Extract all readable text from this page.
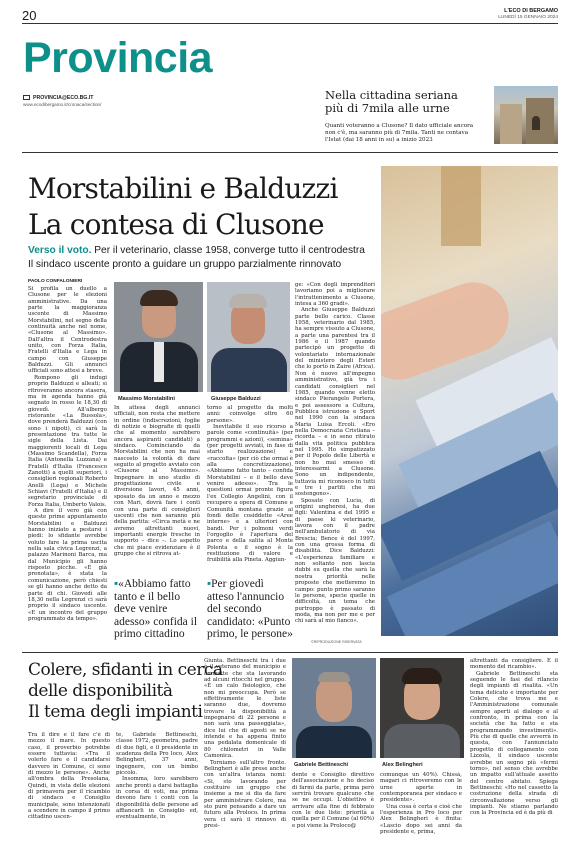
20	L'ECO DI BERGAMO
LUNEDÌ 15 GENNAIO 2024
Provincia
PROVINCIA@ECO.BG.IT
www.ecodibergamo.it/cronaca/section/
Nella cittadina seriana
più di 7mila alle urne
Quanti voteranno a Clusone? Il dato ufficiale ancora non c'è, ma saranno più di 7mila. Tanti ne contava l'Istat (dai 18 anni in su) a inizio 2023
Morstabilini e Balduzzi
La contesa di Clusone
Verso il voto. Per il veterinario, classe 1958, converge tutto il centrodestra
Il sindaco uscente pronto a guidare un gruppo parzialmente rinnovato
©RIPRODUZIONE RISERVATA
PAOLO CONFALONIERI

Si profila un duello a Clusone per le elezioni amministrative. Da una parte la maggioranza uscente di Massimo Morstabilini, nel segno della continuità anche nel nome, «Clusone al Massimo». Dall'altra il Centrodestra unito, con Forza Italia, Fratelli d'Italia e Lega in campo con Giuseppe Balduzzi. Gli annunci ufficiali sono attesi a breve.

Rompono gli indugi proprio Balduzzi e alleati; si ritroveranno ancora stasera, ma in agenda hanno già segnato in rosso le 18,30 di giovedì. All'albergo ristorante «La Bussola», dove prenderà Balduzzi (con sono i nipoti), ci sarà la presentazione tra tutte le sigle della Lista. Dai maggiorenti locali di Lega (Massimo Scandella), Forza Italia (Antonella Luzzana) e Fratelli d'Italia (Francesco Zanotti) a quelli superiori, i consiglieri regionali Roberto Anelli (Lega) e Michele Schiavi (Fratelli d'Italia) e il segretario provinciale di Forza Italia, Umberto Valois.

A dire il vero già con queste prime appuntamento Morstabilini e Balduzzi hanno iniziato a pestarsi i piedi: lo sfidante avrebbe voluto fare la prima uscita nella sala civica Legrenzi, a palazzo Marinoni Barca, ma dal Municipio gli hanno risposto picche. «È già prenotata», è stata la comunicazione, però chiesti se gli hanno anche detto da parte di chi. Giovedì alle 18,30 nella Legrenzi ci sarà proprio il sindaco uscente. «E un incontro del gruppo programmato da tempo».

Massimo Morstabilini	Giuseppe Balduzzi

In attesa degli annunci ufficiali, non resta che mettere in ordine (indiscrezioni, foglie di notizie e biografie di quelli che al momento sarebbero ancora aspiranti candidati) a sindaco. Cominciando da Morstabilini che non ha mai nascosto la volontà di dare seguito al progetto avviato con «Clusone al Massimo». Impegnare in uno studio di progettazione civile e diversione lavori, 45 anni, sposato da un anno e mezzo con Mari, dovrà fare i conti con una parte di consiglieri uscenti che non saranno più della partita: «Circa metà e ne avremo altrettanti nuovi, importanti energie fresche in supporto – dice –. Lo aspetto che mi piace evidenziare è il gruppo che si ritrova at-

torno al progetto da molti anni: coinvolge oltre 60 persone».

Inevitabile il suo ricorso a parole come «continuità» (per programmi e azioni), «semina» (per progetti avviati, in fase di starto realizzazione) e «raccolta» (per ciò che ormai è alla concretizzazione). «Abbiamo fatto tanto – confida Morstabilini – e il bello deve venire adesso». Tra le questioni ormai pronte figura l'ex Collegio Angelini, con il recupero a opera di Comune e Comunità montana grazie ai fondi delle cosiddette «Aree interne» e a ulteriori con bandi. Per i polmoni verdi l'orgoglio è l'apertura del parco e della salita al Monte Polenta e il sogno è la restituzione di valore e fruibilità alla Pineta. Aggiun-

▪«Abbiamo fatto tanto e il bello deve venire adesso» confida il primo cittadino
▪Per giovedì atteso l'annuncio del secondo candidato: «Punto primo, le persone»

ge: «Con degli imprenditori lavoriamo poi a migliorare l'intrattenimento a Clusone, intesa a 360 gradi».

Anche Giuseppe Balduzzi parte bello carico. Classe 1958, veterinario dal 1985, ha sempre vissuto a Clusone, a parte una parentesi tra il 1986 e il 1987 quando partecipò un progetto di volontariato internazionale del ministero degli Esteri che lo portò in Zaire (Africa). Non è nuovo all'impegno amministrativo, già tra i candidati consiglieri nel 1985, quando venne eletto sindaco Pierangelo Portera, e poi assessore a Cultura, Pubblica istruzione e Sport nel 1990 con la sindaca Maria Luisa Ercoli. «Ero nella Democrazia Cristiana – ricorda – e in seno ritirato dalla vita politica pubblica nel 1995. Ho simpatizzato per il Popolo delle Libertà e non ho mai smesso di interessarmi a Clusone. Sono un indipendente, tuttavia mi riconosco in tutti e tre i partiti che mi sostengono».

Sposato con Lucia, di origini ungheresi, ha due figli: Valentina e del 1995 e di paese ki veterinario, lavora con il padre nell'ambulatorio di via Brescia; Bence è del 1997, con una grossa forma di disabilità. Dice Balduzzi: «L'esperienza familiare e non soltanto non lascia dubbi su quella che sarà la nostra priorità nelle proposte che metteremo in campo: punto primo saranno le persone, specie quelle in difficoltà, un tema che purtroppo è passato di moda, ma non per me e per chi sarà al mio fianco».

Colere, sfidanti in cerca
delle disponibilità
Il tema degli impianti

Tra il dire e il fare c'è di mezzo il mare. In questo caso, il proverbio potrebbe essere tuttavia: «Tra il volerlo fare e il candidarsi davvero in Comune, ci sono di mezzo le persone». Anche all'ombra della Presolana, Quindi, in vista delle elezioni di primavera per il ricambio di sindaco e Consiglio municipale, sono intenzionati a scendere in campo il primo cittadino uscen-

te, Gabriele Bettineschi, classe 1972, geometra, padre di due figli, e il presidente in scadenza della Pro loco, Alex Belingheri, 37 anni, ingegnere, con un bimbo piccolo.

Insomma, loro sarebbero anche pronti a darsi battaglia in corsa di voti, ma prima devono fare i conti con la disponibilità delle persone ad affiancarli in Consiglio ed, eventualmente, in

Giunta. Bettineschi tra i due è il veterano del municipio e ammette che sta lavorando ad alcuni ritocchi nel gruppo. «È un calo fisiologico, che non mi preoccupa. Però se effettivamente le liste saranno due, dovremo trovare la disponibilità a impegnarsi di 22 persone e non sarà una passeggiata», dice lui che di agosti se ne intende e ha appena finito una pedalata domenicale di 80 chilometri in Valle Camonica.

Torniamo sull'altro fronte. Belingheri è alle prese anche con un'altra istanza nomi: «Si, sto lavorando per costituire un gruppo che insieme a me si dia da fare per amministrare Colere, ma sto pure pensando a dare un futuro alla Proloco. In prima vera ci sarà il rinnovo di presi-

Gabriele Bettineschi	Alex Belingheri

dente e Consiglio direttivo dell'associazione e ho deciso di farmi da parte, prima però servirà trovare qualcuno che se ne occupi. L'obiettivo è arrivare alla fine di febbraio con le due liste: priorità a quella per il Comune (al 60%) e poi viene la Proloco@

comunque un 40%). Chissà, magari ci ritroveremo con le urne aperte in contemporanea per sindaco e presidente».

Una cosa è certa e cioè che l'esperienza in Pro loco per Alex Belingheri è finita: «Lascio dopo sei anni da presidente e, prima,

altrettanti da consigliere. È il momento del ricambio».

Gabriele Bettineschi sta seguendo le fasi del rilancio degli impianti di risalita. «Un tema delicato e importante per Colere, che trova me e l'Amministrazione comunale sempre aperti al dialogo e al confronto, in prima con la società che ha fatto e sta programmando investimenti». Più che di quelle che avverrà in questa, con l'annunciato progetto di collegamento con Lizzola, il sindaco uscente avrebbe un segno più «fermi torno», nel senso che avrebbe un impatto sull'attuale assetto del centro abitato. Spiega Bettineschi: «Ho nel cassetto la costruzione della strada di circonvallazione verso gli impianti. Ne stiamo parlando con la Provincia ed è da più di
